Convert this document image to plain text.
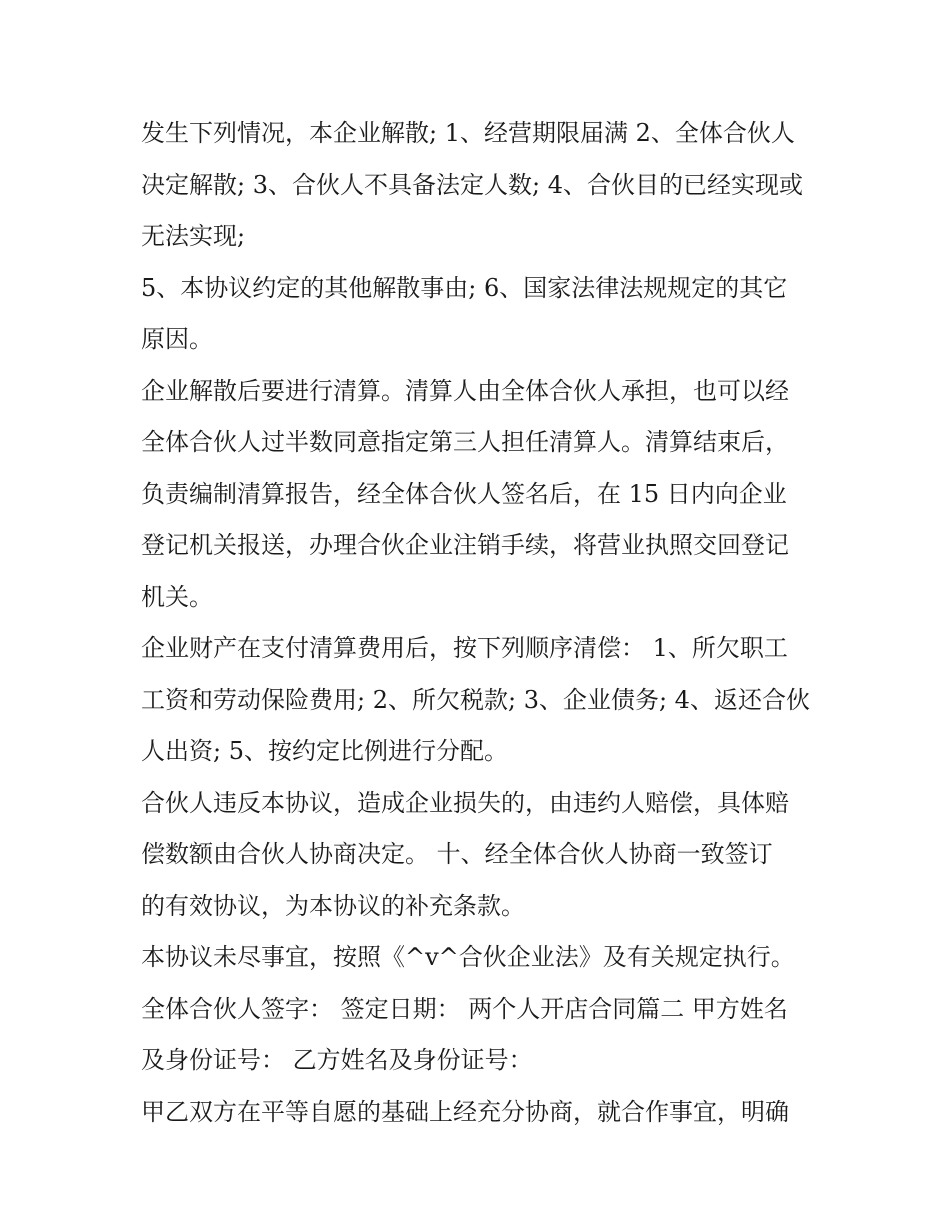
发生下列情况，本企业解散; 1、经营期限届满 2、全体合伙人
决定解散; 3、合伙人不具备法定人数; 4、合伙目的已经实现或
无法实现;

5、本协议约定的其他解散事由; 6、国家法律法规规定的其它
原因。

企业解散后要进行清算。清算人由全体合伙人承担，也可以经
全体合伙人过半数同意指定第三人担任清算人。清算结束后，
负责编制清算报告，经全体合伙人签名后，在 15 日内向企业
登记机关报送，办理合伙企业注销手续，将营业执照交回登记
机关。

企业财产在支付清算费用后，按下列顺序清偿： 1、所欠职工
工资和劳动保险费用; 2、所欠税款; 3、企业债务; 4、返还合伙
人出资; 5、按约定比例进行分配。

合伙人违反本协议，造成企业损失的，由违约人赔偿，具体赔
偿数额由合伙人协商决定。 十、经全体合伙人协商一致签订
的有效协议，为本协议的补充条款。

本协议未尽事宜，按照《^v^合伙企业法》及有关规定执行。

全体合伙人签字： 签定日期： 两个人开店合同篇二 甲方姓名
及身份证号： 乙方姓名及身份证号：

甲乙双方在平等自愿的基础上经充分协商，就合作事宜，明确
